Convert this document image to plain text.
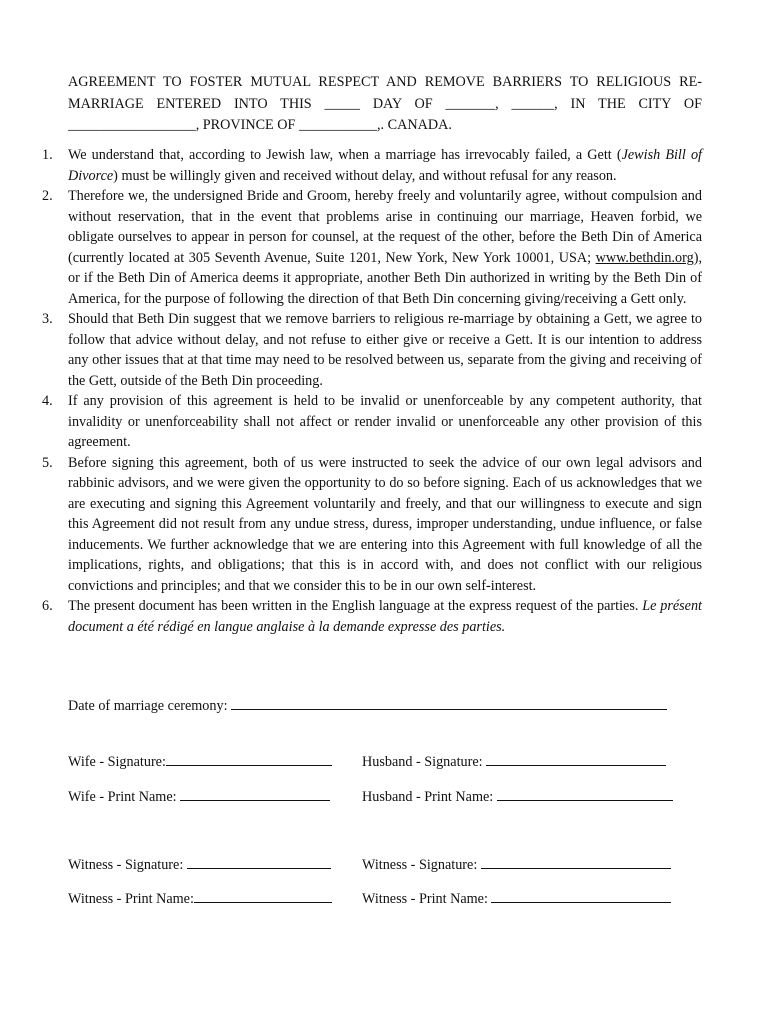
AGREEMENT TO FOSTER MUTUAL RESPECT AND REMOVE BARRIERS TO RELIGIOUS RE-
MARRIAGE ENTERED INTO THIS _____ DAY OF _______, ______, IN THE CITY OF
__________________, PROVINCE OF ___________,. CANADA.
1. We understand that, according to Jewish law, when a marriage has irrevocably failed, a Gett (Jewish Bill of Divorce) must be willingly given and received without delay, and without refusal for any reason.
2. Therefore we, the undersigned Bride and Groom, hereby freely and voluntarily agree, without compulsion and without reservation, that in the event that problems arise in continuing our marriage, Heaven forbid, we obligate ourselves to appear in person for counsel, at the request of the other, before the Beth Din of America (currently located at 305 Seventh Avenue, Suite 1201, New York, New York 10001, USA; www.bethdin.org), or if the Beth Din of America deems it appropriate, another Beth Din authorized in writing by the Beth Din of America, for the purpose of following the direction of that Beth Din concerning giving/receiving a Gett only.
3. Should that Beth Din suggest that we remove barriers to religious re-marriage by obtaining a Gett, we agree to follow that advice without delay, and not refuse to either give or receive a Gett. It is our intention to address any other issues that at that time may need to be resolved between us, separate from the giving and receiving of the Gett, outside of the Beth Din proceeding.
4. If any provision of this agreement is held to be invalid or unenforceable by any competent authority, that invalidity or unenforceability shall not affect or render invalid or unenforceable any other provision of this agreement.
5. Before signing this agreement, both of us were instructed to seek the advice of our own legal advisors and rabbinic advisors, and we were given the opportunity to do so before signing. Each of us acknowledges that we are executing and signing this Agreement voluntarily and freely, and that our willingness to execute and sign this Agreement did not result from any undue stress, duress, improper understanding, undue influence, or false inducements. We further acknowledge that we are entering into this Agreement with full knowledge of all the implications, rights, and obligations; that this is in accord with, and does not conflict with our religious convictions and principles; and that we consider this to be in our own self-interest.
6. The present document has been written in the English language at the express request of the parties. Le présent document a été rédigé en langue anglaise à la demande expresse des parties.
Date of marriage ceremony:
Wife - Signature:	Husband - Signature:
Wife - Print Name:	Husband - Print Name:
Witness - Signature:	Witness - Signature:
Witness - Print Name:	Witness - Print Name:
